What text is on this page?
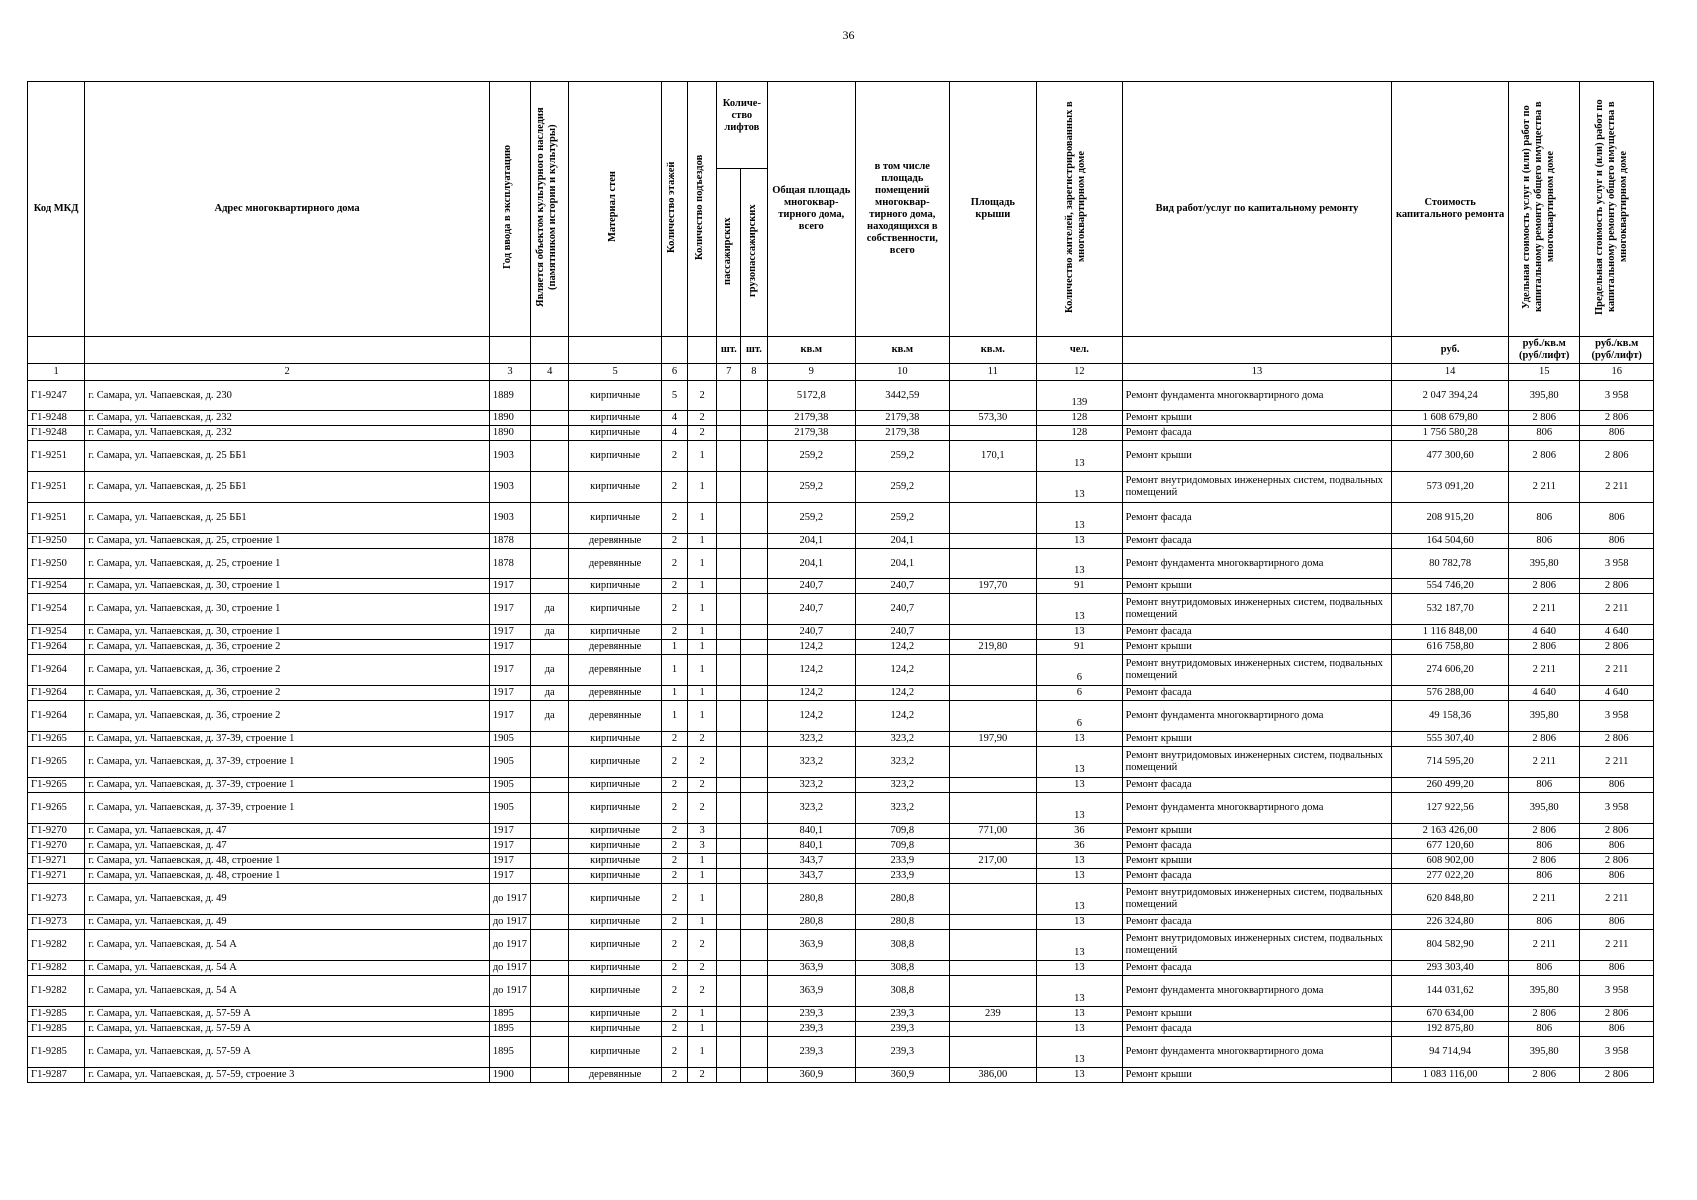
36
Код МКД	Адрес многоквартирного дома	Год ввода в эксплуатацию	Является объектом культурного наследия (памятником истории и культуры)	Материал стен	Количество этажей	Количество подъездов	Количе-ство лифтов		Общая площадь многоквар-тирного дома, всего	в том числе площадь помещений многоквар-тирного дома, находящихся в собственности, всего	Площадь крыши	Количество жителей, зарегистрированных в многоквартирном доме	Вид работ/услуг по капитальному ремонту	Стоимость капитального ремонта	Удельная стоимость услуг и (или) работ по капитальному ремонту общего имущества в многоквартирном доме	Предельная стоимость услуг и (или) работ по капитальному ремонту общего имущества в многоквартирном доме
							пассажирских	грузопассажирских								
							шт.	шт.	кв.м	кв.м	кв.м.	чел.		руб.	руб./кв.м (руб/лифт)	руб./кв.м (руб/лифт)
1	2	3	4	5	6		7	8	9	10	11	12	13	14	15	16
Г1-9247	г. Самара, ул. Чапаевская, д. 230	1889		кирпичные	5	2			5172,8	3442,59		139	Ремонт фундамента многоквартирного дома	2 047 394,24	395,80	3 958
Г1-9248	г. Самара, ул. Чапаевская, д. 232	1890		кирпичные	4	2			2179,38	2179,38	573,30	128	Ремонт крыши	1 608 679,80	2 806	2 806
Г1-9248	г. Самара, ул. Чапаевская, д. 232	1890		кирпичные	4	2			2179,38	2179,38		128	Ремонт фасада	1 756 580,28	806	806
Г1-9251	г. Самара, ул. Чапаевская, д. 25 ББ1	1903		кирпичные	2	1			259,2	259,2	170,1	13	Ремонт крыши	477 300,60	2 806	2 806
Г1-9251	г. Самара, ул. Чапаевская, д. 25 ББ1	1903		кирпичные	2	1			259,2	259,2		13	Ремонт внутридомовых инженерных систем, подвальных помещений	573 091,20	2 211	2 211
Г1-9251	г. Самара, ул. Чапаевская, д. 25 ББ1	1903		кирпичные	2	1			259,2	259,2		13	Ремонт фасада	208 915,20	806	806
Г1-9250	г. Самара, ул. Чапаевская, д. 25, строение 1	1878		деревянные	2	1			204,1	204,1		13	Ремонт фасада	164 504,60	806	806
Г1-9250	г. Самара, ул. Чапаевская, д. 25, строение 1	1878		деревянные	2	1			204,1	204,1		13	Ремонт фундамента многоквартирного дома	80 782,78	395,80	3 958
Г1-9254	г. Самара, ул. Чапаевская, д. 30, строение 1	1917		кирпичные	2	1			240,7	240,7	197,70	91	Ремонт крыши	554 746,20	2 806	2 806
Г1-9254	г. Самара, ул. Чапаевская, д. 30, строение 1	1917	да	кирпичные	2	1			240,7	240,7		13	Ремонт внутридомовых инженерных систем, подвальных помещений	532 187,70	2 211	2 211
Г1-9254	г. Самара, ул. Чапаевская, д. 30, строение 1	1917	да	кирпичные	2	1			240,7	240,7		13	Ремонт фасада	1 116 848,00	4 640	4 640
Г1-9264	г. Самара, ул. Чапаевская, д. 36, строение 2	1917		деревянные	1	1			124,2	124,2	219,80	91	Ремонт крыши	616 758,80	2 806	2 806
Г1-9264	г. Самара, ул. Чапаевская, д. 36, строение 2	1917	да	деревянные	1	1			124,2	124,2		6	Ремонт внутридомовых инженерных систем, подвальных помещений	274 606,20	2 211	2 211
Г1-9264	г. Самара, ул. Чапаевская, д. 36, строение 2	1917	да	деревянные	1	1			124,2	124,2		6	Ремонт фасада	576 288,00	4 640	4 640
Г1-9264	г. Самара, ул. Чапаевская, д. 36, строение 2	1917	да	деревянные	1	1			124,2	124,2		6	Ремонт фундамента многоквартирного дома	49 158,36	395,80	3 958
Г1-9265	г. Самара, ул. Чапаевская, д. 37-39, строение 1	1905		кирпичные	2	2			323,2	323,2	197,90	13	Ремонт крыши	555 307,40	2 806	2 806
Г1-9265	г. Самара, ул. Чапаевская, д. 37-39, строение 1	1905		кирпичные	2	2			323,2	323,2		13	Ремонт внутридомовых инженерных систем, подвальных помещений	714 595,20	2 211	2 211
Г1-9265	г. Самара, ул. Чапаевская, д. 37-39, строение 1	1905		кирпичные	2	2			323,2	323,2		13	Ремонт фасада	260 499,20	806	806
Г1-9265	г. Самара, ул. Чапаевская, д. 37-39, строение 1	1905		кирпичные	2	2			323,2	323,2		13	Ремонт фундамента многоквартирного дома	127 922,56	395,80	3 958
Г1-9270	г. Самара, ул. Чапаевская, д. 47	1917		кирпичные	2	3			840,1	709,8	771,00	36	Ремонт крыши	2 163 426,00	2 806	2 806
Г1-9270	г. Самара, ул. Чапаевская, д. 47	1917		кирпичные	2	3			840,1	709,8		36	Ремонт фасада	677 120,60	806	806
Г1-9271	г. Самара, ул. Чапаевская, д. 48, строение 1	1917		кирпичные	2	1			343,7	233,9	217,00	13	Ремонт крыши	608 902,00	2 806	2 806
Г1-9271	г. Самара, ул. Чапаевская, д. 48, строение 1	1917		кирпичные	2	1			343,7	233,9		13	Ремонт фасада	277 022,20	806	806
Г1-9273	г. Самара, ул. Чапаевская, д. 49	до 1917		кирпичные	2	1			280,8	280,8		13	Ремонт внутридомовых инженерных систем, подвальных помещений	620 848,80	2 211	2 211
Г1-9273	г. Самара, ул. Чапаевская, д. 49	до 1917		кирпичные	2	1			280,8	280,8		13	Ремонт фасада	226 324,80	806	806
Г1-9282	г. Самара, ул. Чапаевская, д. 54 А	до 1917		кирпичные	2	2			363,9	308,8		13	Ремонт внутридомовых инженерных систем, подвальных помещений	804 582,90	2 211	2 211
Г1-9282	г. Самара, ул. Чапаевская, д. 54 А	до 1917		кирпичные	2	2			363,9	308,8		13	Ремонт фасада	293 303,40	806	806
Г1-9282	г. Самара, ул. Чапаевская, д. 54 А	до 1917		кирпичные	2	2			363,9	308,8		13	Ремонт фундамента многоквартирного дома	144 031,62	395,80	3 958
Г1-9285	г. Самара, ул. Чапаевская, д. 57-59 А	1895		кирпичные	2	1			239,3	239,3	239	13	Ремонт крыши	670 634,00	2 806	2 806
Г1-9285	г. Самара, ул. Чапаевская, д. 57-59 А	1895		кирпичные	2	1			239,3	239,3		13	Ремонт фасада	192 875,80	806	806
Г1-9285	г. Самара, ул. Чапаевская, д. 57-59 А	1895		кирпичные	2	1			239,3	239,3		13	Ремонт фундамента многоквартирного дома	94 714,94	395,80	3 958
Г1-9287	г. Самара, ул. Чапаевская, д. 57-59, строение 3	1900		деревянные	2	2			360,9	360,9	386,00	13	Ремонт крыши	1 083 116,00	2 806	2 806
